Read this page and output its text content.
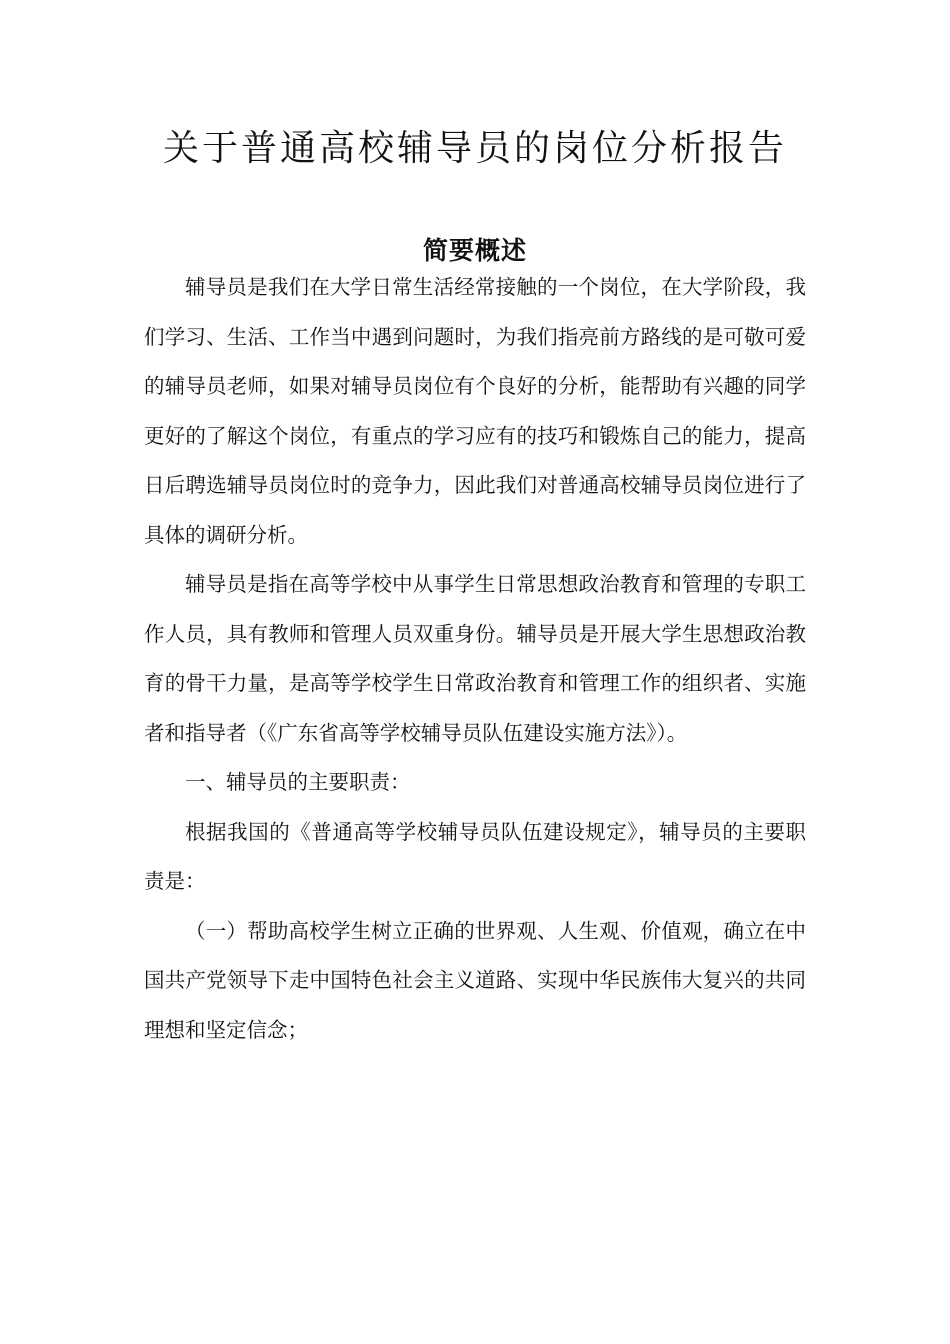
关于普通高校辅导员的岗位分析报告
简要概述

辅导员是我们在大学日常生活经常接触的一个岗位，在大学阶段，我们学习、生活、工作当中遇到问题时，为我们指亮前方路线的是可敬可爱的辅导员老师，如果对辅导员岗位有个良好的分析，能帮助有兴趣的同学更好的了解这个岗位，有重点的学习应有的技巧和锻炼自己的能力，提高日后聘选辅导员岗位时的竞争力，因此我们对普通高校辅导员岗位进行了具体的调研分析。

辅导员是指在高等学校中从事学生日常思想政治教育和管理的专职工作人员，具有教师和管理人员双重身份。辅导员是开展大学生思想政治教育的骨干力量，是高等学校学生日常政治教育和管理工作的组织者、实施者和指导者（《广东省高等学校辅导员队伍建设实施方法》）。

一、辅导员的主要职责：

根据我国的《普通高等学校辅导员队伍建设规定》，辅导员的主要职责是：

（一）帮助高校学生树立正确的世界观、人生观、价值观，确立在中国共产党领导下走中国特色社会主义道路、实现中华民族伟大复兴的共同理想和坚定信念；
